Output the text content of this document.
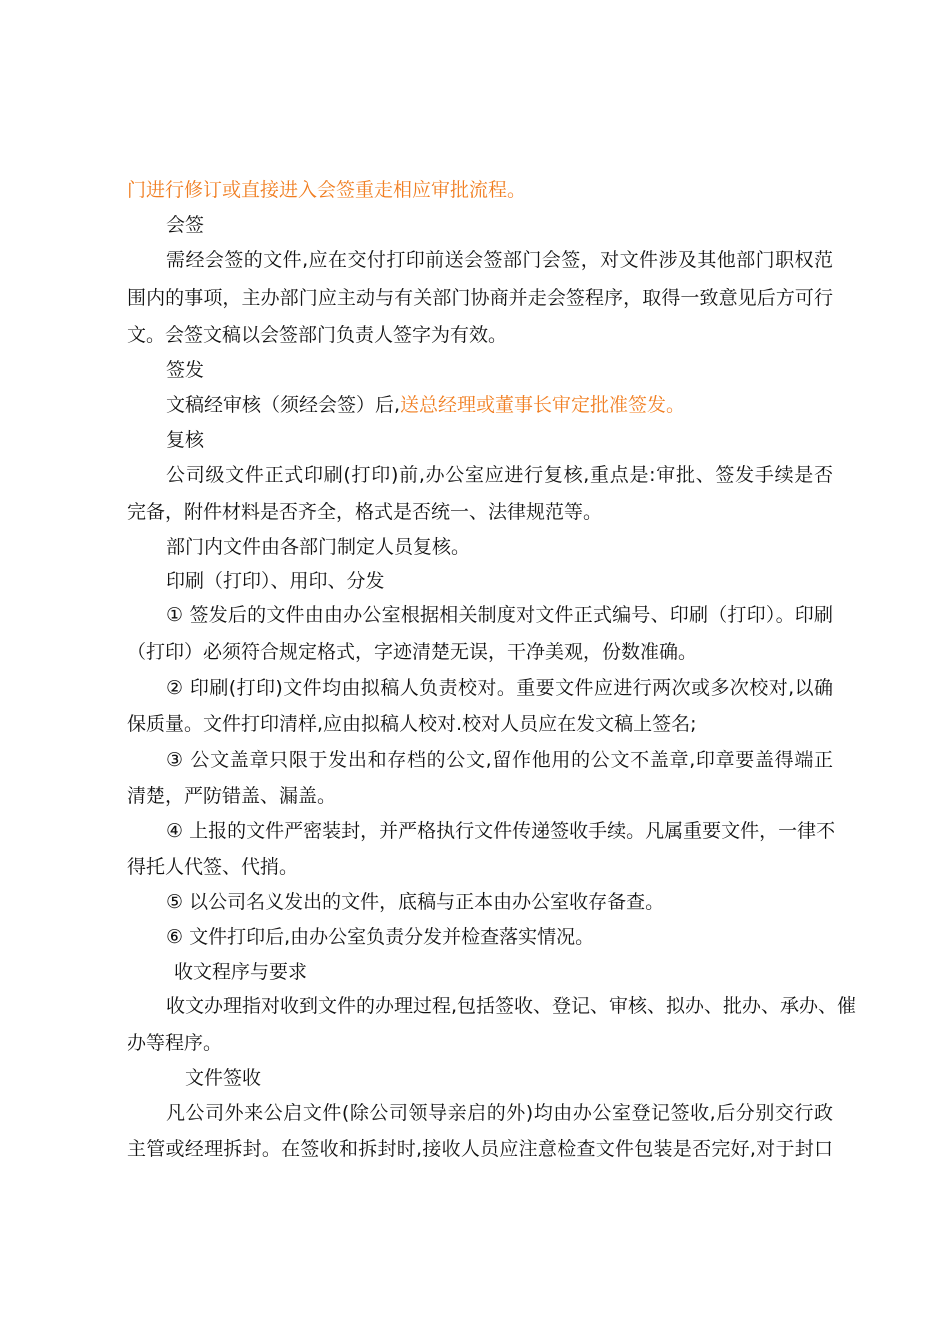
门进行修订或直接进入会签重走相应审批流程。
会签
需经会签的文件,应在交付打印前送会签部门会签，对文件涉及其他部门职权范
围内的事项，主办部门应主动与有关部门协商并走会签程序，取得一致意见后方可行
文。会签文稿以会签部门负责人签字为有效。
签发
文稿经审核（须经会签）后,送总经理或董事长审定批准签发。
复核
公司级文件正式印刷(打印)前,办公室应进行复核,重点是:审批、签发手续是否
完备，附件材料是否齐全，格式是否统一、法律规范等。
部门内文件由各部门制定人员复核。
印刷（打印）、用印、分发
① 签发后的文件由由办公室根据相关制度对文件正式编号、印刷（打印）。印刷
（打印）必须符合规定格式，字迹清楚无误，干净美观，份数准确。
② 印刷(打印)文件均由拟稿人负责校对。重要文件应进行两次或多次校对,以确
保质量。文件打印清样,应由拟稿人校对.校对人员应在发文稿上签名;
③ 公文盖章只限于发出和存档的公文,留作他用的公文不盖章,印章要盖得端正
清楚，严防错盖、漏盖。
④ 上报的文件严密装封，并严格执行文件传递签收手续。凡属重要文件，一律不
得托人代签、代捎。
⑤ 以公司名义发出的文件，底稿与正本由办公室收存备查。
⑥ 文件打印后,由办公室负责分发并检查落实情况。
收文程序与要求
收文办理指对收到文件的办理过程,包括签收、登记、审核、拟办、批办、承办、催
办等程序。
文件签收
凡公司外来公启文件(除公司领导亲启的外)均由办公室登记签收,后分别交行政
主管或经理拆封。在签收和拆封时,接收人员应注意检查文件包装是否完好,对于封口
